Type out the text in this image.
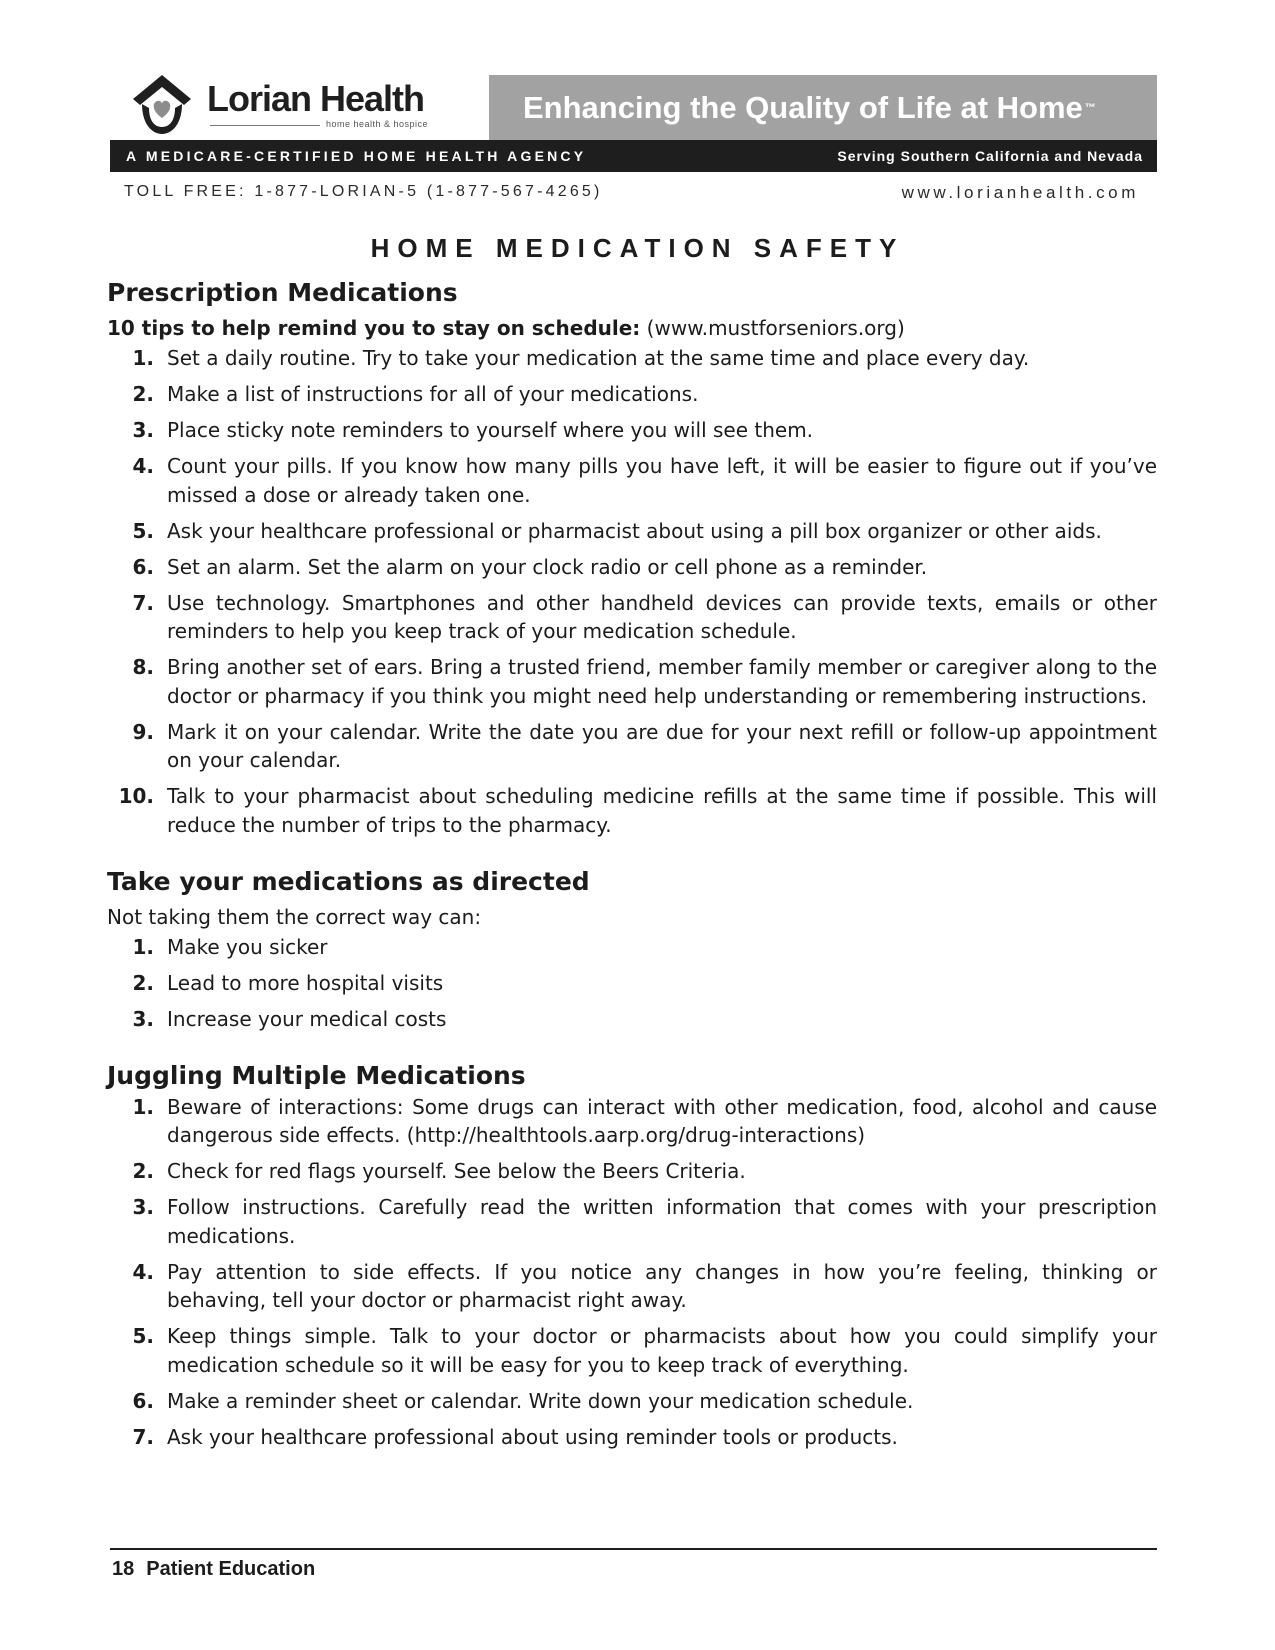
Lorian Health
home health & hospice	Enhancing the Quality of Life at Home ™
A MEDICARE-CERTIFIED HOME HEALTH AGENCY	Serving Southern California and Nevada
TOLL FREE: 1-877-LORIAN-5 (1-877-567-4265)	www.lorianhealth.com
HOME MEDICATION SAFETY
Prescription Medications

10 tips to help remind you to stay on schedule: (www.mustforseniors.org)

1. Set a daily routine. Try to take your medication at the same time and place every day.
2. Make a list of instructions for all of your medications.
3. Place sticky note reminders to yourself where you will see them.
4. Count your pills. If you know how many pills you have left, it will be easier to figure out if you’ve missed a dose or already taken one.
5. Ask your healthcare professional or pharmacist about using a pill box organizer or other aids.
6. Set an alarm. Set the alarm on your clock radio or cell phone as a reminder.
7. Use technology. Smartphones and other handheld devices can provide texts, emails or other reminders to help you keep track of your medication schedule.
8. Bring another set of ears. Bring a trusted friend, member family member or caregiver along to the doctor or pharmacy if you think you might need help understanding or remembering instructions.
9. Mark it on your calendar. Write the date you are due for your next refill or follow-up appointment on your calendar.
10. Talk to your pharmacist about scheduling medicine refills at the same time if possible. This will reduce the number of trips to the pharmacy.
Take your medications as directed

Not taking them the correct way can:

1. Make you sicker
2. Lead to more hospital visits
3. Increase your medical costs
Juggling Multiple Medications
1. Beware of interactions: Some drugs can interact with other medication, food, alcohol and cause dangerous side effects. (http://healthtools.aarp.org/drug-interactions)
2. Check for red flags yourself. See below the Beers Criteria.
3. Follow instructions. Carefully read the written information that comes with your prescription medications.
4. Pay attention to side effects. If you notice any changes in how you’re feeling, thinking or behaving, tell your doctor or pharmacist right away.
5. Keep things simple. Talk to your doctor or pharmacists about how you could simplify your medication schedule so it will be easy for you to keep track of everything.
6. Make a reminder sheet or calendar. Write down your medication schedule.
7. Ask your healthcare professional about using reminder tools or products.
18 Patient Education
